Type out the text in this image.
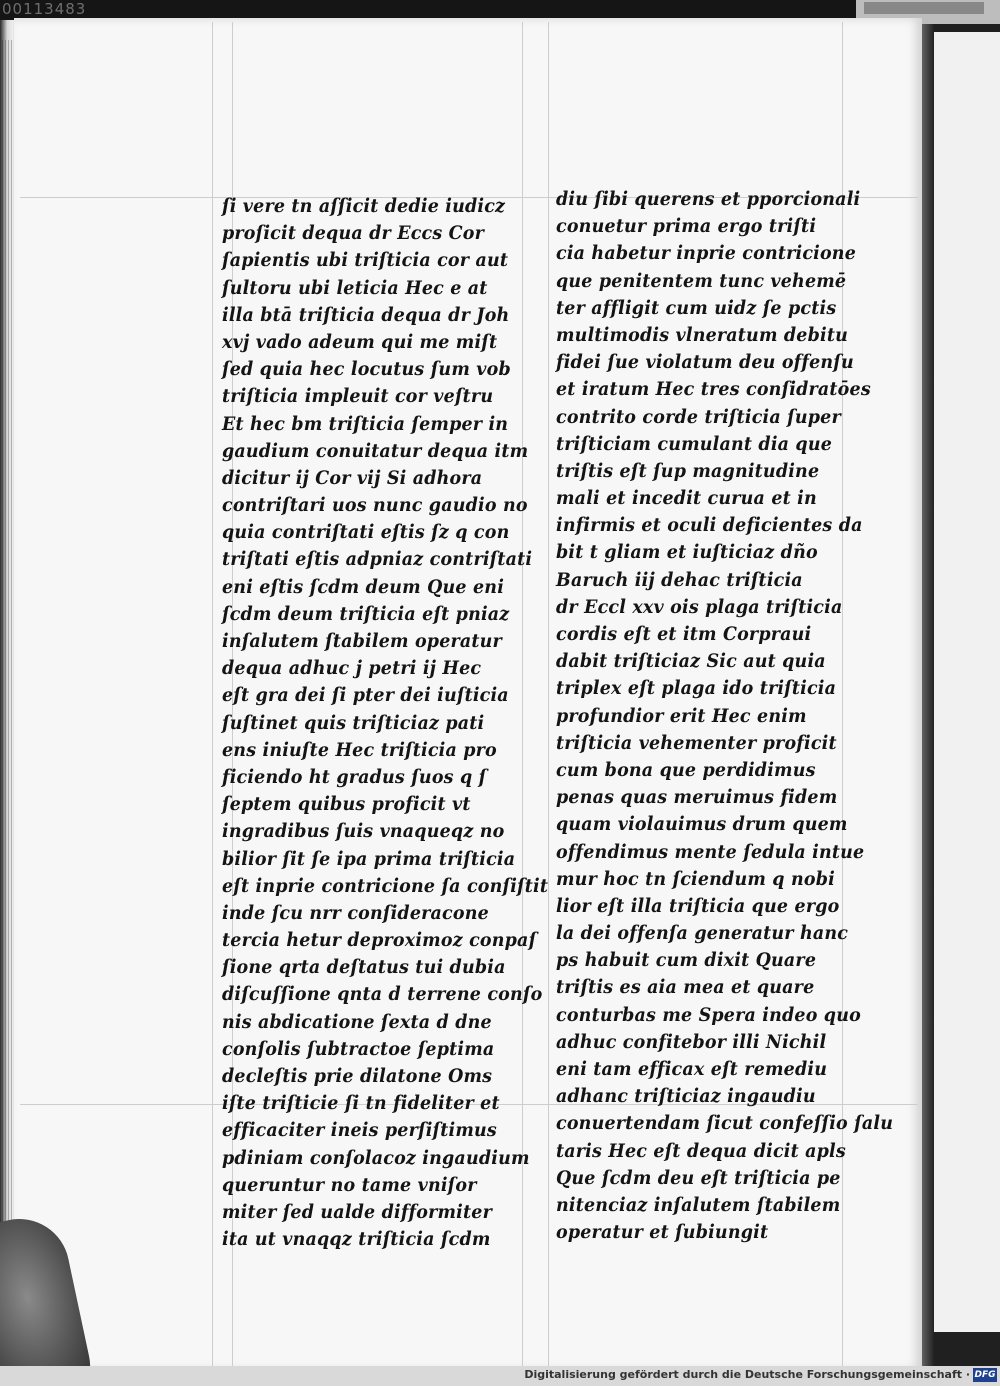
00113483
ſi vere tn aſſicit dedie iudicz
proſicit dequa dr Eccs Cor
ſapientis ubi triſticia cor aut
ſultoru ubi leticia Hec e at
illa btā triſticia dequa dr Joh
xvj vado adeum qui me miſt
ſed quia hec locutus ſum vob
triſticia impleuit cor veſtru
Et hec bm triſticia ſemper in
gaudium conuitatur dequa itm
dicitur ij Cor vij Si adhora
contriſtari uos nunc gaudio no
quia contriſtati eſtis ſz q con
triſtati eſtis adpniaz contriſtati
eni eſtis ſcdm deum Que eni
ſcdm deum triſticia eſt pniaz
inſalutem ſtabilem operatur
dequa adhuc j petri ij Hec
eſt gra dei ſi pter dei iuſticia
ſuſtinet quis triſticiaz pati
ens iniuſte Hec triſticia pro
ficiendo ht gradus ſuos q ſ
ſeptem quibus proficit vt
ingradibus ſuis vnaqueqz no
bilior ſit ſe ipa prima triſticia
eſt inprie contricione ſa conſiſtit
inde ſcu nrr conſideracone
tercia hetur deproximoz conpaſ
ſione qrta deſtatus tui dubia
diſcuſſione qnta d terrene conſo
nis abdicatione ſexta d dne
conſolis ſubtractoe ſeptima
decleſtis prie dilatone Oms
iſte triſticie ſi tn fideliter et
efficaciter ineis perſiſtimus
pdiniam conſolacoz ingaudium
queruntur no tame vniſor
miter ſed ualde difformiter
ita ut vnaqqz triſticia ſcdm
diu ſibi querens et pporcionali
conuetur prima ergo triſti
cia habetur inprie contricione
que penitentem tunc vehemē
ter affligit cum uidz ſe pctis
multimodis vlneratum debitu
fidei ſue violatum deu offenſu
et iratum Hec tres conſidratōes
contrito corde triſticia ſuper
triſticiam cumulant dia que
triſtis eſt ſup magnitudine
mali et incedit curua et in
infirmis et oculi deficientes da
bit t gliam et iuſticiaz dño
Baruch iij dehac triſticia
dr Eccl xxv ois plaga triſticia
cordis eſt et itm Corpraui
dabit triſticiaz Sic aut quia
triplex eſt plaga ido triſticia
profundior erit Hec enim
triſticia vehementer proficit
cum bona que perdidimus
penas quas meruimus fidem
quam violauimus drum quem
offendimus mente ſedula intue
mur hoc tn ſciendum q nobi
lior eſt illa triſticia que ergo
la dei offenſa generatur hanc
ps habuit cum dixit Quare
triſtis es aia mea et quare
conturbas me Spera indeo quo
adhuc confitebor illi Nichil
eni tam efficax eſt remediu
adhanc triſticiaz ingaudiu
conuertendam ſicut confeſſio ſalu
taris Hec eſt dequa dicit apls
Que ſcdm deu eſt triſticia pe
nitenciaz inſalutem ſtabilem
operatur et ſubiungit
Digitalisierung gefördert durch die Deutsche Forschungsgemeinschaft · DFG
